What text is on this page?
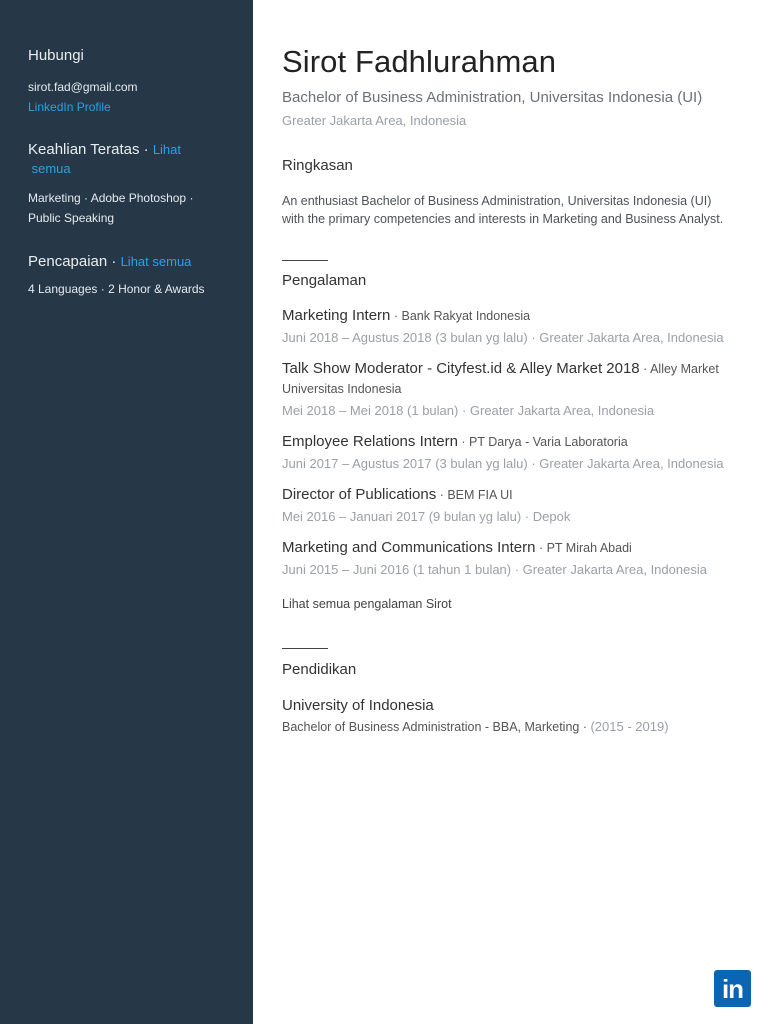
Hubungi
sirot.fad@gmail.com
LinkedIn Profile
Keahlian Teratas · Lihat
semua
Marketing · Adobe Photoshop ·
Public Speaking
Pencapaian · Lihat semua
4 Languages · 2 Honor & Awards
Sirot Fadhlurahman
Bachelor of Business Administration, Universitas Indonesia (UI)
Greater Jakarta Area, Indonesia
Ringkasan

An enthusiast Bachelor of Business Administration, Universitas Indonesia (UI) with the primary competencies and interests in Marketing and Business Analyst.

Pengalaman
Marketing Intern · Bank Rakyat Indonesia
Juni 2018 – Agustus 2018 (3 bulan yg lalu) · Greater Jakarta Area, Indonesia
Talk Show Moderator - Cityfest.id & Alley Market 2018 · Alley Market Universitas Indonesia
Mei 2018 – Mei 2018 (1 bulan) · Greater Jakarta Area, Indonesia
Employee Relations Intern · PT Darya - Varia Laboratoria
Juni 2017 – Agustus 2017 (3 bulan yg lalu) · Greater Jakarta Area, Indonesia
Director of Publications · BEM FIA UI
Mei 2016 – Januari 2017 (9 bulan yg lalu) · Depok
Marketing and Communications Intern · PT Mirah Abadi
Juni 2015 – Juni 2016 (1 tahun 1 bulan) · Greater Jakarta Area, Indonesia
Lihat semua pengalaman Sirot
Pendidikan
University of Indonesia
Bachelor of Business Administration - BBA, Marketing · (2015 - 2019)
in
